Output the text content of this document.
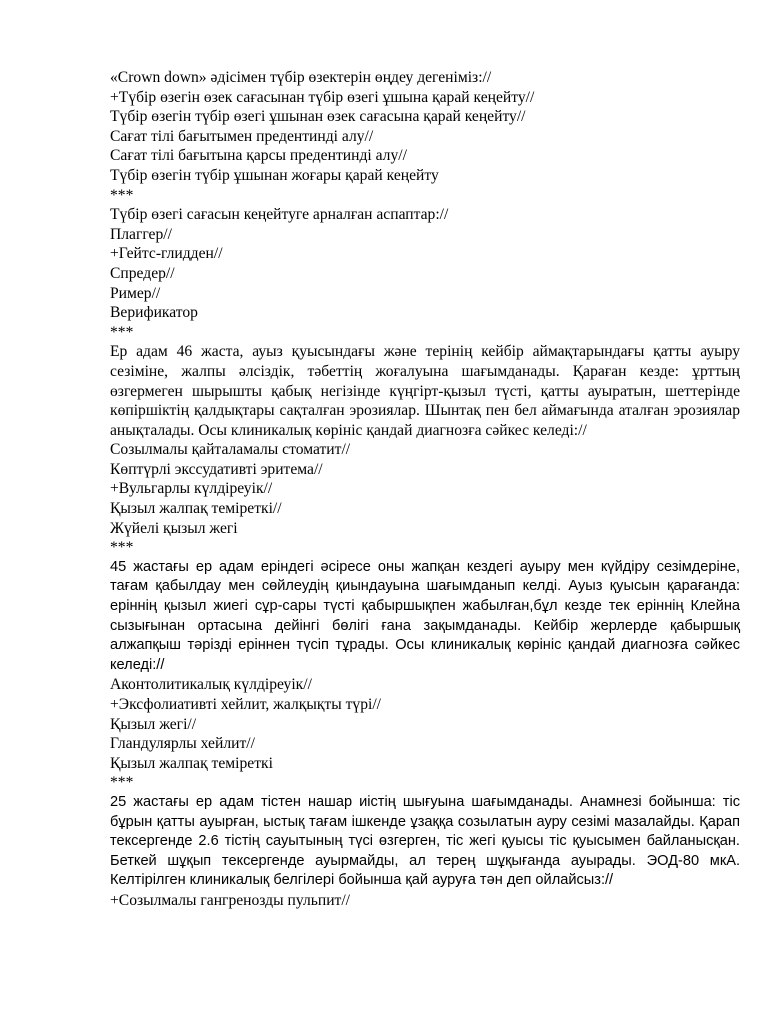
«Crown down» әдісімен түбір өзектерін өңдеу дегеніміз://

+Түбір өзегін өзек сағасынан түбір өзегі ұшына қарай кеңейту//

Түбір өзегін түбір өзегі ұшынан өзек сағасына қарай кеңейту//

Сағат тілі бағытымен предентинді алу//

Сағат тілі бағытына қарсы предентинді алу//

Түбір өзегін түбір ұшынан жоғары қарай кеңейту

***

Түбір өзегі сағасын кеңейтуге арналған аспаптар://

Плаггер//

+Гейтс-глидден//

Спредер//

Ример//

Верификатор

***

Ер адам 46 жаста, ауыз қуысындағы және терінің кейбір аймақтарындағы қатты ауыру сезіміне, жалпы әлсіздік, тәбеттің жоғалуына шағымданады. Қараған кезде: ұрттың өзгермеген шырышты қабық негізінде күңгірт-қызыл түсті, қатты ауыратын, шеттерінде көпіршіктің қалдықтары сақталған эрозиялар. Шынтақ пен бел аймағында аталған эрозиялар анықталады. Осы клиникалық көрініс қандай диагнозға сәйкес келеді://

Созылмалы қайталамалы стоматит//

Көптүрлі экссудативті эритема//

+Вульгарлы күлдіреуік//

Қызыл жалпақ теміреткі//

Жүйелі қызыл жегі

***

45 жастағы ер адам еріндегі әсіресе оны жапқан кездегі ауыру мен күйдіру сезімдеріне, тағам қабылдау мен сөйлеудің қиындауына шағымданып келді. Ауыз қуысын қарағанда: еріннің қызыл жиегі сұр-сары түсті қабыршықпен жабылған,бұл кезде тек еріннің Клейна сызығынан ортасына дейінгі бөлігі ғана зақымданады. Кейбір жерлерде қабыршық алжапқыш тәрізді ерiннен түсіп тұрады. Осы клиникалық көрініс қандай диагнозға сәйкес келеді://

Аконтолитикалық күлдіреуік//

+Эксфолиативті хейлит, жалқықты түрі//

Қызыл жегі//

Гландулярлы хейлит//

Қызыл жалпақ теміреткі

***

25 жастағы ер адам тістен нашар иістің шығуына шағымданады. Анамнезі бойынша: тіс бұрын қатты ауырған, ыстық тағам ішкенде ұзаққа созылатын ауру сезімі мазалайды. Қарап тексергенде 2.6 тістің сауытының түсі өзгерген, тіс жегі қуысы тіс қуысымен байланысқан. Беткей шұқып тексергенде ауырмайды, ал терең шұқығанда ауырады. ЭОД-80 мкА. Келтірілген клиникалық белгілері бойынша қай ауруға тән деп ойлайсыз://

+Созылмалы гангренозды пульпит//
